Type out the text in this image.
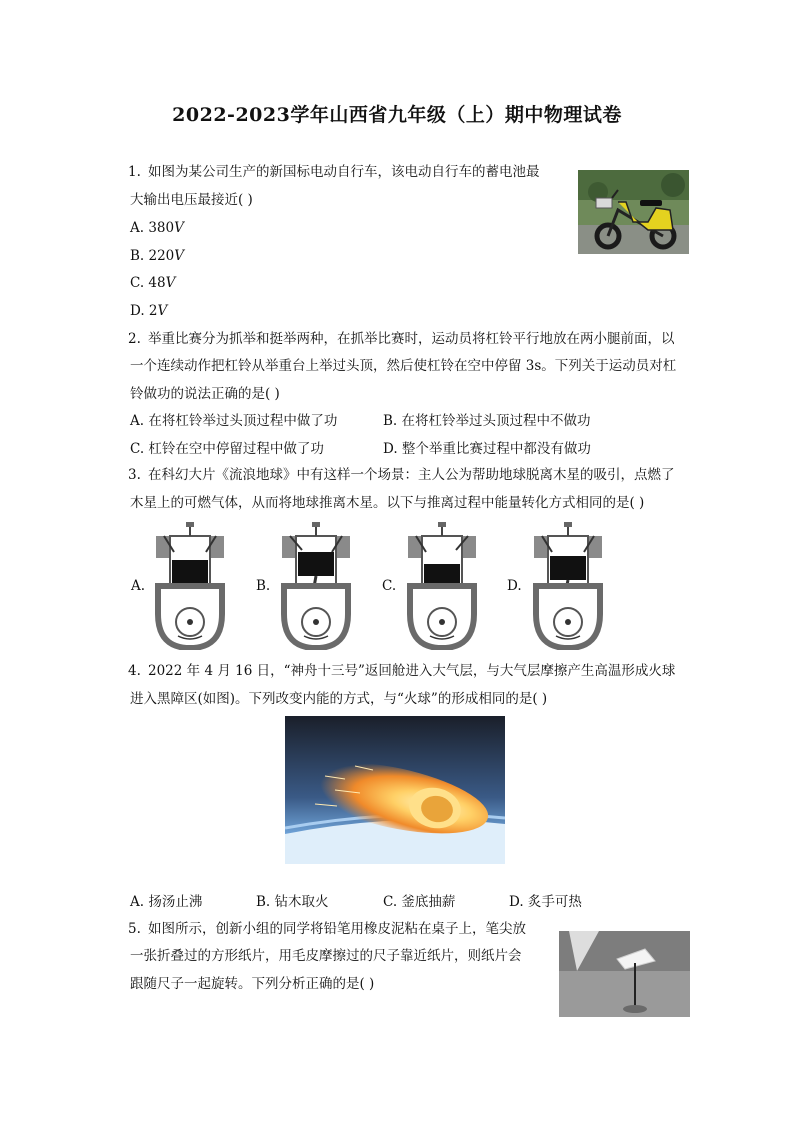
2022-2023学年山西省九年级（上）期中物理试卷
1. 如图为某公司生产的新国标电动自行车，该电动自行车的蓄电池最
大输出电压最接近( )
A. 380𝑉
B. 220𝑉
C. 48𝑉
D. 2𝑉
2. 举重比赛分为抓举和挺举两种，在抓举比赛时，运动员将杠铃平行地放在两小腿前面，以
一个连续动作把杠铃从举重台上举过头顶，然后使杠铃在空中停留 3s。下列关于运动员对杠
铃做功的说法正确的是( )
A. 在将杠铃举过头顶过程中做了功	B. 在将杠铃举过头顶过程中不做功
C. 杠铃在空中停留过程中做了功	D. 整个举重比赛过程中都没有做功
3. 在科幻大片《流浪地球》中有这样一个场景：主人公为帮助地球脱离木星的吸引，点燃了
木星上的可燃气体，从而将地球推离木星。以下与推离过程中能量转化方式相同的是( )
A.	B.	C.	D.
4. 2022 年 4 月 16 日，“神舟十三号”返回舱进入大气层，与大气层摩擦产生高温形成火球
进入黑障区(如图)。下列改变内能的方式，与“火球”的形成相同的是( )
A. 扬汤止沸	B. 钻木取火	C. 釜底抽薪	D. 炙手可热
5. 如图所示，创新小组的同学将铅笔用橡皮泥粘在桌子上，笔尖放
一张折叠过的方形纸片，用毛皮摩擦过的尺子靠近纸片，则纸片会
跟随尺子一起旋转。下列分析正确的是( )
